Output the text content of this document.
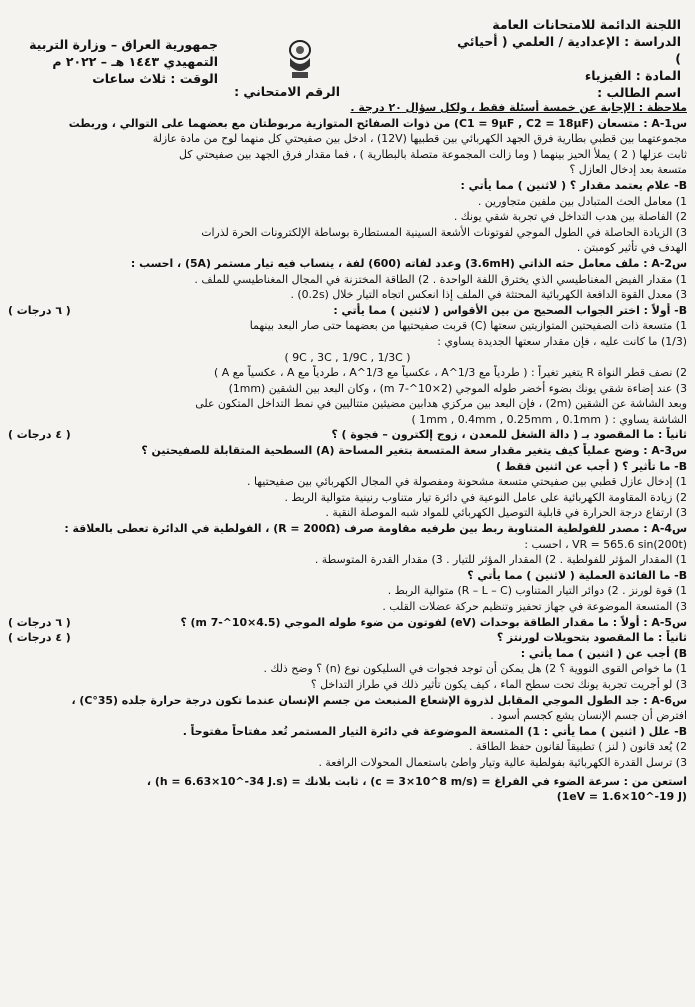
اللجنة الدائمة للامتحانات العامة
الدراسة : الإعدادية / العلمي ( أحيائي )
المادة : الفيزياء
اسم الطالب :
جمهورية العراق – وزارة التربية
التمهيدي ١٤٤٣ هـ – ٢٠٢٢ م
الوقت : ثلاث ساعات
الرقم الامتحاني :
ملاحظة : الإجابة عن خمسة أسئلة فقط ، ولكل سؤال ٢٠ درجة .
س1-A : متسعان (C1 = 9μF , C2 = 18μF) من ذوات الصفائح المتوازية مربوطتان مع بعضهما على التوالي ، وربطت
مجموعتهما بين قطبي بطارية فرق الجهد الكهربائي بين قطبيها (12V) ، ادخل بين صفيحتي كل منهما لوح من مادة عازلة
ثابت عزلها ( 2 ) يملأ الحيز بينهما ( وما زالت المجموعة متصلة بالبطارية ) ، فما مقدار فرق الجهد بين صفيحتي كل
متسعة بعد إدخال العازل ؟
B- علام يعتمد مقدار ؟ ( لاثنين ) مما يأتي :
1) معامل الحث المتبادل بين ملفين متجاورين .
2) الفاصلة بين هدب التداخل في تجربة شقي يونك .
3) الزيادة الحاصلة في الطول الموجي لفوتونات الأشعة السينية المستطارة بوساطة الإلكترونات الحرة لذرات
الهدف في تأثير كومبتن .
س2-A : ملف معامل حثه الذاتي (3.6mH) وعدد لفاته (600) لفة ، ينساب فيه تيار مستمر (5A) ، احسب :
1) مقدار الفيض المغناطيسي الذي يخترق اللفة الواحدة . 2) الطاقة المختزنة في المجال المغناطيسي للملف .
3) معدل القوة الدافعة الكهربائية المحتثة في الملف إذا انعكس اتجاه التيار خلال (0.2s) .
( ٦ درجات )	B- أولاً : اختر الجواب الصحيح من بين الأقواس ( لاثنين ) مما يأتي :
1) متسعة ذات الصفيحتين المتوازيتين سعتها (C) قربت صفيحتيها من بعضهما حتى صار البعد بينهما
(1/3) ما كانت عليه ، فإن مقدار سعتها الجديدة يساوي :
( 9C , 3C , 1/9C , 1/3C )
2) نصف قطر النواة R يتغير تغيراً : ( طردياً مع A^1/3 ، عكسياً مع A^1/3 ، طردياً مع A ، عكسياً مع A )
3) عند إضاءة شقي يونك بضوء أخضر طوله الموجي (2×10^-7 m) ، وكان البعد بين الشقين (1mm)
وبعد الشاشة عن الشقين (2m) ، فإن البعد بين مركزي هدابين مضيئين متتاليين في نمط التداخل المتكون على
الشاشة يساوي : ( 1mm , 0.4mm , 0.25mm , 0.1mm )
( ٤ درجات )	ثانياً : ما المقصود بـ ( دالة الشغل للمعدن ، زوج إلكترون – فجوة ) ؟
س3-A : وضح عملياً كيف يتغير مقدار سعة المتسعة بتغير المساحة (A) السطحية المتقابلة للصفيحتين ؟
B- ما تأثير ؟ ( أجب عن اثنين فقط )
1) إدخال عازل قطبي بين صفيحتي متسعة مشحونة ومفصولة في المجال الكهربائي بين صفيحتيها .
2) زيادة المقاومة الكهربائية على عامل النوعية في دائرة تيار متناوب رنينية متوالية الربط .
3) ارتفاع درجة الحرارة في قابلية التوصيل الكهربائي للمواد شبه الموصلة النقية .
س4-A : مصدر للفولطية المتناوبة ربط بين طرفيه مقاومة صرف (R = 200Ω) ، الفولطية في الدائرة تعطى بالعلاقة :
VR = 565.6 sin(200t) ، احسب :
1) المقدار المؤثر للفولطية . 2) المقدار المؤثر للتيار . 3) مقدار القدرة المتوسطة .
B- ما الفائدة العملية ( لاثنين ) مما يأتي ؟
1) قوة لورنز . 2) دوائر التيار المتناوب (R – L – C) متوالية الربط .
3) المتسعة الموضوعة في جهاز تحفيز وتنظيم حركة عضلات القلب .
( ٦ درجات )	س5-A : أولاً : ما مقدار الطاقة بوحدات (eV) لفوتون من ضوء طوله الموجي (4.5×10^-7 m) ؟
( ٤ درجات )	ثانياً : ما المقصود بتحويلات لورنتز ؟
B) أجب عن ( اثنين ) مما يأتي :
1) ما خواص القوى النووية ؟ 2) هل يمكن أن توجد فجوات في السليكون نوع (n) ؟ وضح ذلك .
3) لو أجريت تجربة يونك تحت سطح الماء ، كيف يكون تأثير ذلك في طراز التداخل ؟
س6-A : جد الطول الموجي المقابل لذروة الإشعاع المنبعث من جسم الإنسان عندما تكون درجة حرارة جلده (35°C) ،
افترض أن جسم الإنسان يشع كجسم أسود .
B- علل ( اثنين ) مما يأتي : 1) المتسعة الموضوعة في دائرة التيار المستمر تُعد مفتاحاً مفتوحاً .
2) يُعد قانون ( لنز ) تطبيقاً لقانون حفظ الطاقة .
3) ترسل القدرة الكهربائية بفولطية عالية وتيار واطئ باستعمال المحولات الرافعة .
استعن من : سرعة الضوء في الفراغ = (c = 3×10^8 m/s) ، ثابت بلانك = (h = 6.63×10^-34 J.s) ،
(1eV = 1.6×10^-19 J)
